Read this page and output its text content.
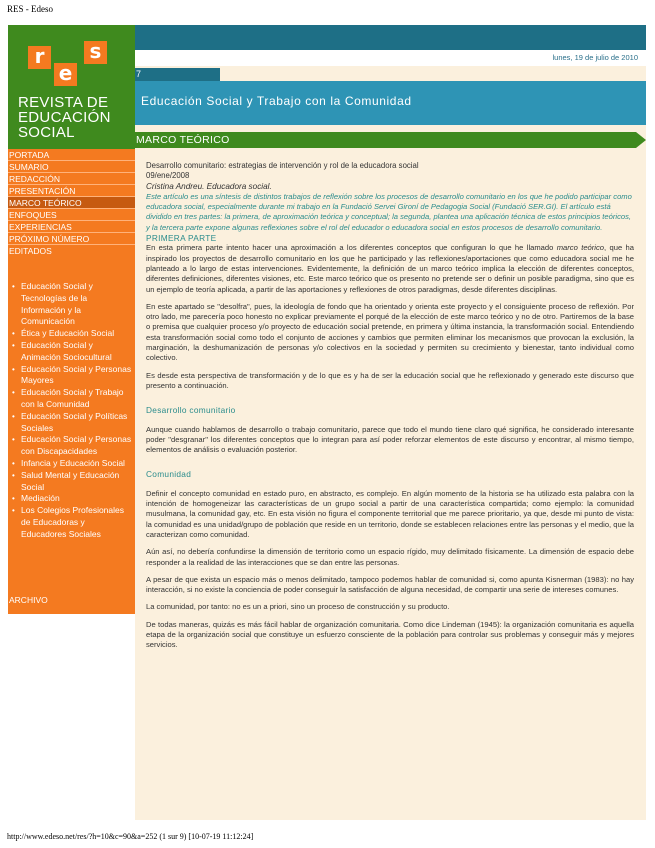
RES - Edeso
r
e
s
REVISTA DE
EDUCACIÓN
SOCIAL
PORTADA
SUMARIO
REDACCIÓN
PRESENTACIÓN
MARCO TEÓRICO
ENFOQUES
EXPERIENCIAS
PRÓXIMO NÚMERO
EDITADOS
• Educación Social y Tecnologías de la Información y la Comunicación
• Ética y Educación Social
• Educación Social y Animación Sociocultural
• Educación Social y Personas Mayores
• Educación Social y Trabajo con la Comunidad
• Educación Social y Políticas Sociales
• Educación Social y Personas con Discapacidades
• Infancia y Educación Social
• Salud Mental y Educación Social
• Mediación
• Los Colegios Profesionales de Educadoras y Educadores Sociales
ARCHIVO
lunes, 19 de julio de 2010
7
Educación Social y Trabajo con la Comunidad
MARCO TEÓRICO

Desarrollo comunitario: estrategias de intervención y rol de la educadora social

09/ene/2008

Cristina Andreu. Educadora social.

Este artículo es una síntesis de distintos trabajos de reflexión sobre los procesos de desarrollo comunitario en los que he podido participar como educadora social, especialmente durante mi trabajo en la Fundació Servei Gironí de Pedagogia Social (Fundació SER.GI). El artículo está dividido en tres partes: la primera, de aproximación teórica y conceptual; la segunda, plantea una aplicación técnica de estos principios teóricos, y la tercera parte expone algunas reflexiones sobre el rol del educador o educadora social en estos procesos de desarrollo comunitario.

PRIMERA PARTE

En esta primera parte intento hacer una aproximación a los diferentes conceptos que configuran lo que he llamado marco teórico, que ha inspirado los proyectos de desarrollo comunitario en los que he participado y las reflexiones/aportaciones que como educadora social me he planteado a lo largo de estas intervenciones. Evidentemente, la definición de un marco teórico implica la elección de diferentes conceptos, diferentes definiciones, diferentes visiones, etc. Este marco teórico que os presento no pretende ser o definir un posible paradigma, sino que es un ejemplo de teoría aplicada, a partir de las aportaciones y reflexiones de otros paradigmas, desde diferentes disciplinas.

En este apartado se "desolfra", pues, la ideología de fondo que ha orientado y orienta este proyecto y el consiguiente proceso de reflexión. Por otro lado, me parecería poco honesto no explicar previamente el porqué de la elección de este marco teórico y no de otro. Partiremos de la base o premisa que cualquier proceso y/o proyecto de educación social pretende, en primera y última instancia, la transformación social. Entendiendo esta transformación social como todo el conjunto de acciones y cambios que permiten eliminar los mecanismos que provocan la exclusión, la marginación, la deshumanización de personas y/o colectivos en la sociedad y permiten su crecimiento y bienestar, tanto individual como colectivo.

Es desde esta perspectiva de transformación y de lo que es y ha de ser la educación social que he reflexionado y generado este discurso que presento a continuación.

Desarrollo comunitario

Aunque cuando hablamos de desarrollo o trabajo comunitario, parece que todo el mundo tiene claro qué significa, he considerado interesante poder "desgranar" los diferentes conceptos que lo integran para así poder reforzar elementos de este discurso y encontrar, al mismo tiempo, elementos de análisis o evaluación posterior.

Comunidad

Definir el concepto comunidad en estado puro, en abstracto, es complejo. En algún momento de la historia se ha utilizado esta palabra con la intención de homogeneizar las características de un grupo social a partir de una característica compartida; como ejemplo: la comunidad musulmana, la comunidad gay, etc. En esta visión no figura el componente territorial que me parece prioritario, ya que, desde mi punto de vista: la comunidad es una unidad/grupo de población que reside en un territorio, donde se establecen relaciones entre las personas y el medio, que la caracterizan como comunidad.

Aún así, no debería confundirse la dimensión de territorio como un espacio rígido, muy delimitado físicamente. La dimensión de espacio debe responder a la realidad de las interacciones que se dan entre las personas.

A pesar de que exista un espacio más o menos delimitado, tampoco podemos hablar de comunidad si, como apunta Kisnerman (1983): no hay interacción, si no existe la conciencia de poder conseguir la satisfacción de alguna necesidad, de compartir una serie de intereses comunes.

La comunidad, por tanto: no es un a priori, sino un proceso de construcción y su producto.

De todas maneras, quizás es más fácil hablar de organización comunitaria. Como dice Lindeman (1945): la organización comunitaria es aquella etapa de la organización social que constituye un esfuerzo consciente de la población para controlar sus problemas y conseguir más y mejores servicios.

http://www.edeso.net/res/?h=10&c=90&a=252 (1 sur 9) [10-07-19 11:12:24]
